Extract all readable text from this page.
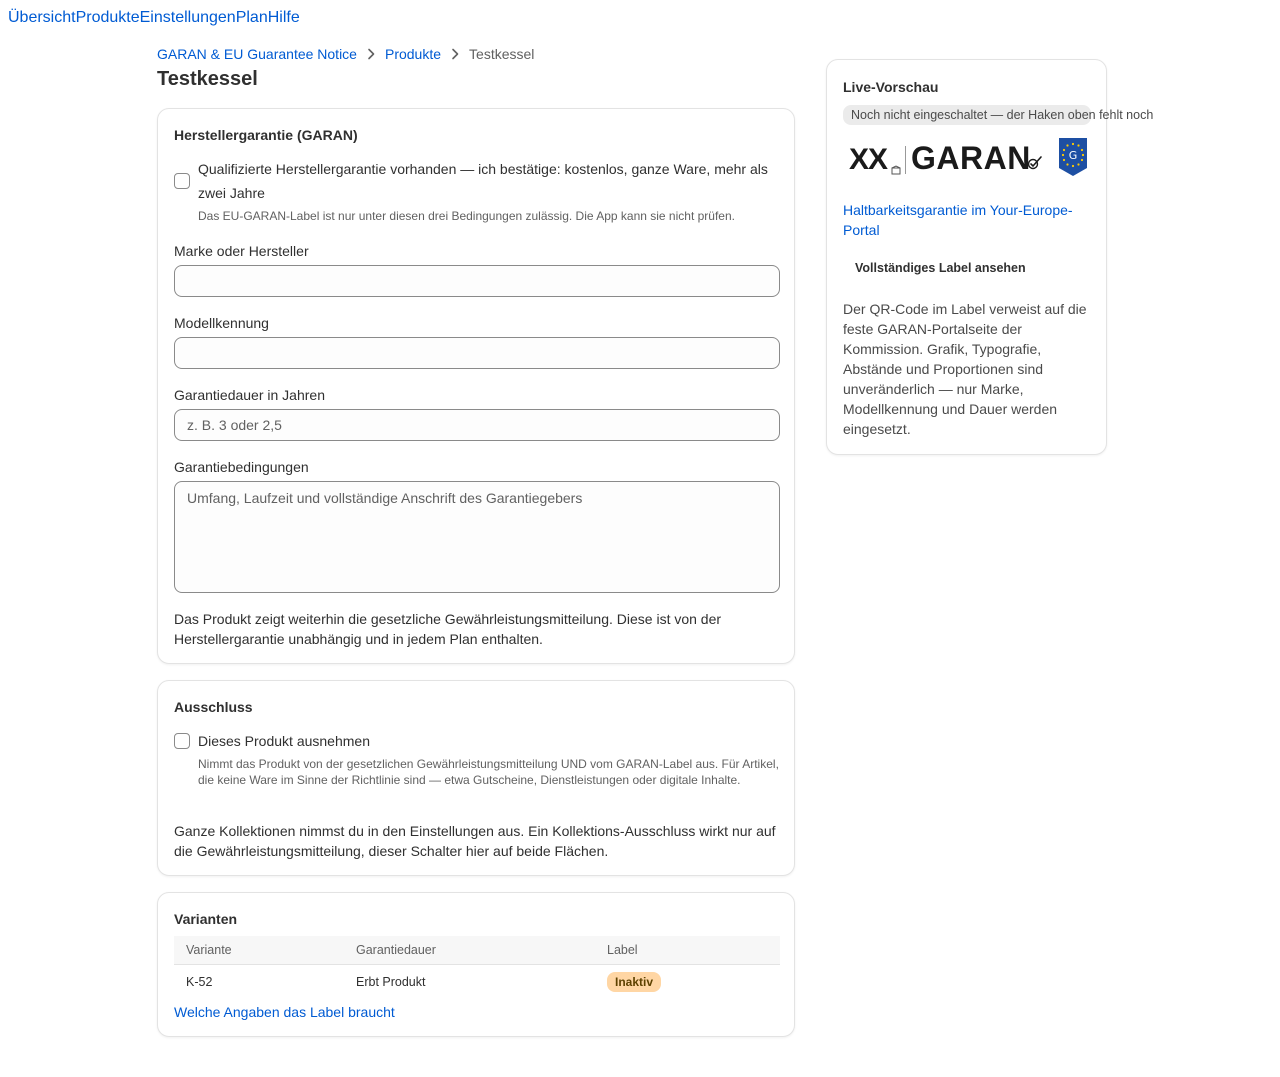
Übersicht Produkte Einstellungen Plan Hilfe
GARAN & EU Guarantee Notice Produkte Testkessel
Testkessel
Herstellergarantie (GARAN)
Qualifizierte Herstellergarantie vorhanden — ich bestätige: kostenlos, ganze Ware, mehr als zwei Jahre
Das EU-GARAN-Label ist nur unter diesen drei Bedingungen zulässig. Die App kann sie nicht prüfen.
Marke oder Hersteller
Modellkennung
Garantiedauer in Jahren
z. B. 3 oder 2,5
Garantiebedingungen
Umfang, Laufzeit und vollständige Anschrift des Garantiegebers

Das Produkt zeigt weiterhin die gesetzliche Gewährleistungsmitteilung. Diese ist von der Herstellergarantie unabhängig und in jedem Plan enthalten.

Ausschluss
Dieses Produkt ausnehmen
Nimmt das Produkt von der gesetzlichen Gewährleistungsmitteilung UND vom GARAN-Label aus. Für Artikel, die keine Ware im Sinne der Richtlinie sind — etwa Gutscheine, Dienstleistungen oder digitale Inhalte.

Ganze Kollektionen nimmst du in den Einstellungen aus. Ein Kollektions-Ausschluss wirkt nur auf die Gewährleistungsmitteilung, dieser Schalter hier auf beide Flächen.

Varianten
Variante	Garantiedauer	Label
K-52	Erbt Produkt	Inaktiv
Welche Angaben das Label braucht
Live-Vorschau
Noch nicht eingeschaltet — der Haken oben fehlt noch
XX GARAN	G
Haltbarkeitsgarantie im Your-Europe-Portal
Vollständiges Label ansehen

Der QR-Code im Label verweist auf die feste GARAN-Portalseite der Kommission. Grafik, Typografie, Abstände und Proportionen sind unveränderlich — nur Marke, Modellkennung und Dauer werden eingesetzt.
